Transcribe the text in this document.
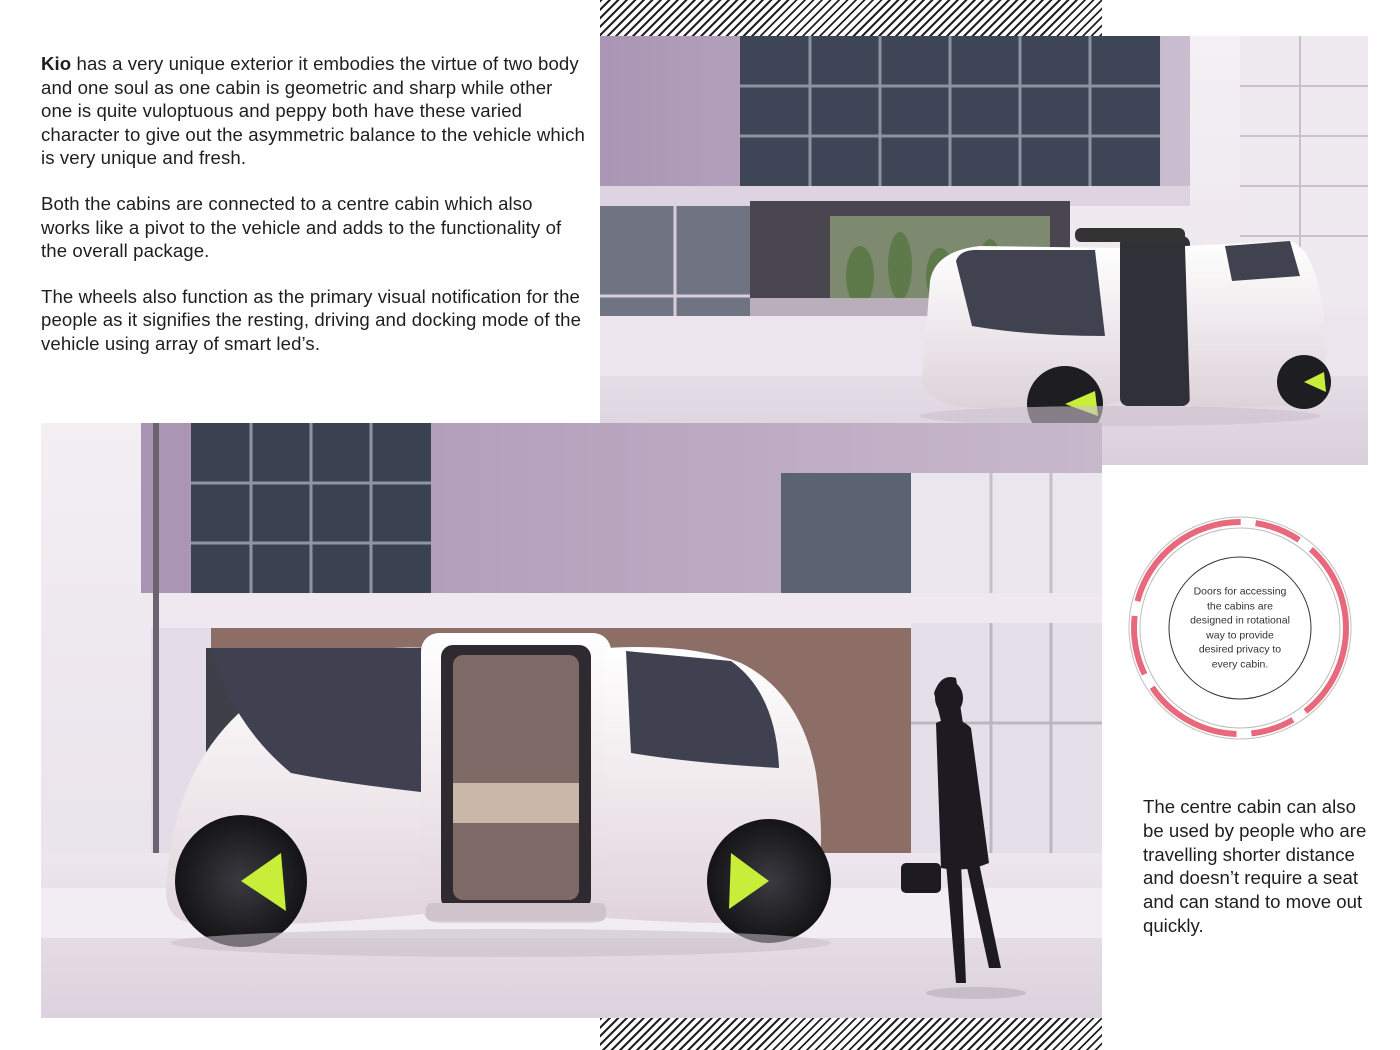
Kio has a very unique exterior it embodies the virtue of two body and one soul as one cabin is geometric and sharp while other one is quite vuloptuous and peppy both have these varied character to give out the asymmetric balance to the vehicle which is very unique and fresh.

Both the cabins are connected to a centre cabin which also works like a pivot to the vehicle and adds to the functionality of the overall package.

The wheels also function as the primary visual notification for the people as it signifies the resting, driving and docking mode of the vehicle using array of smart led’s.

Doors for accessing the cabins are designed in rotational way to provide desired privacy to every cabin.
The centre cabin can also be used by people who are travelling shorter distance and doesn’t require a seat and can stand to move out quickly.
